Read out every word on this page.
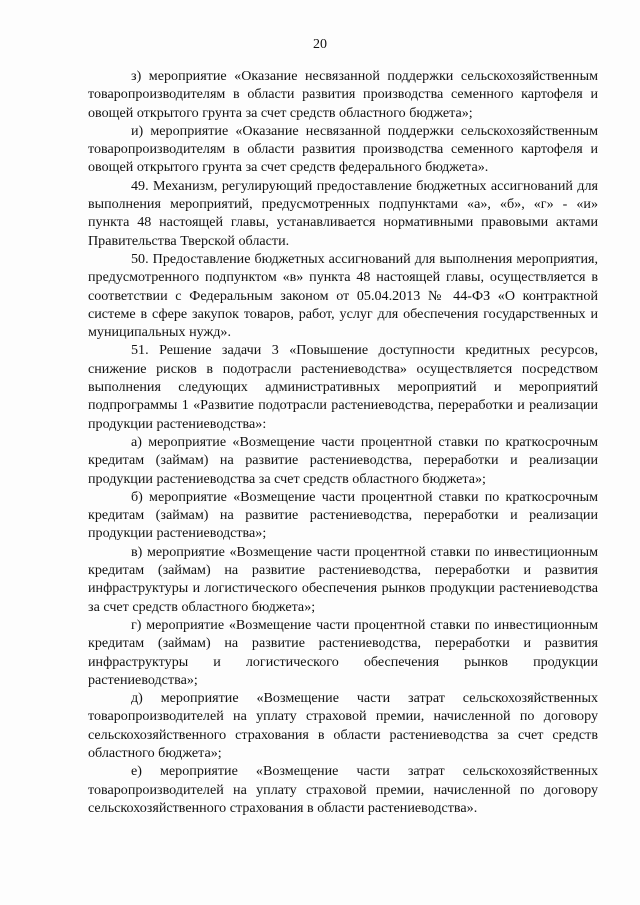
20

з) мероприятие «Оказание несвязанной поддержки сельскохозяйственным товаропроизводителям в области развития производства семенного картофеля и овощей открытого грунта за счет средств областного бюджета»;

и) мероприятие «Оказание несвязанной поддержки сельскохозяйственным товаропроизводителям в области развития производства семенного картофеля и овощей открытого грунта за счет средств федерального бюджета».

49. Механизм, регулирующий предоставление бюджетных ассигнований для выполнения мероприятий, предусмотренных подпунктами «а», «б», «г» - «и» пункта 48 настоящей главы, устанавливается нормативными правовыми актами Правительства Тверской области.

50. Предоставление бюджетных ассигнований для выполнения мероприятия, предусмотренного подпунктом «в» пункта 48 настоящей главы, осуществляется в соответствии с Федеральным законом от 05.04.2013 № 44-ФЗ «О контрактной системе в сфере закупок товаров, работ, услуг для обеспечения государственных и муниципальных нужд».

51. Решение задачи 3 «Повышение доступности кредитных ресурсов, снижение рисков в подотрасли растениеводства» осуществляется посредством выполнения следующих административных мероприятий и мероприятий подпрограммы 1 «Развитие подотрасли растениеводства, переработки и реализации продукции растениеводства»:

а) мероприятие «Возмещение части процентной ставки по краткосрочным кредитам (займам) на развитие растениеводства, переработки и реализации продукции растениеводства за счет средств областного бюджета»;

б) мероприятие «Возмещение части процентной ставки по краткосрочным кредитам (займам) на развитие растениеводства, переработки и реализации продукции растениеводства»;

в) мероприятие «Возмещение части процентной ставки по инвестиционным кредитам (займам) на развитие растениеводства, переработки и развития инфраструктуры и логистического обеспечения рынков продукции растениеводства за счет средств областного бюджета»;

г) мероприятие «Возмещение части процентной ставки по инвестиционным кредитам (займам) на развитие растениеводства, переработки и развития инфраструктуры и логистического обеспечения рынков продукции растениеводства»;

д) мероприятие «Возмещение части затрат сельскохозяйственных товаропроизводителей на уплату страховой премии, начисленной по договору сельскохозяйственного страхования в области растениеводства за счет средств областного бюджета»;

е) мероприятие «Возмещение части затрат сельскохозяйственных товаропроизводителей на уплату страховой премии, начисленной по договору сельскохозяйственного страхования в области растениеводства».
